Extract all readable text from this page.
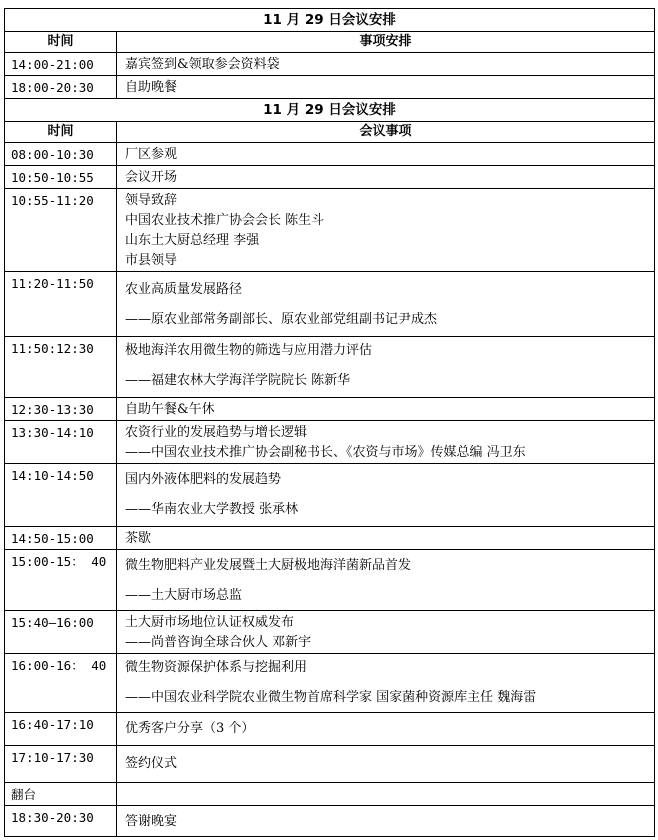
11 月 29 日会议安排	
时间	事项安排
14:00-21:00	嘉宾签到&领取参会资料袋

18:00-20:30	自助晚餐

11 月 29 日会议安排	
时间	会议事项
08:00-10:30	厂区参观

10:50-10:55	会议开场

10:55-11:20	领导致辞
中国农业技术推广协会会长 陈生斗
山东土大厨总经理 李强
市县领导

11:20-11:50	农业高质量发展路径
——原农业部常务副部长、原农业部党组副书记尹成杰

11:50:12:30	极地海洋农用微生物的筛选与应用潜力评估
——福建农林大学海洋学院院长 陈新华

12:30-13:30	自助午餐&午休

13:30-14:10	农资行业的发展趋势与增长逻辑
——中国农业技术推广协会副秘书长、《农资与市场》传媒总编 冯卫东

14:10-14:50	国内外液体肥料的发展趋势
——华南农业大学教授 张承林

14:50-15:00	茶歇

15:00-15： 40	微生物肥料产业发展暨土大厨极地海洋菌新品首发
——土大厨市场总监

15:40—16:00	土大厨市场地位认证权威发布
——尚普咨询全球合伙人 邓新宇

16:00-16： 40	微生物资源保护体系与挖掘利用
——中国农业科学院农业微生物首席科学家 国家菌种资源库主任 魏海雷

16:40-17:10	优秀客户分享（3 个）

17:10-17:30	签约仪式

翻台	

18:30-20:30	答谢晚宴
